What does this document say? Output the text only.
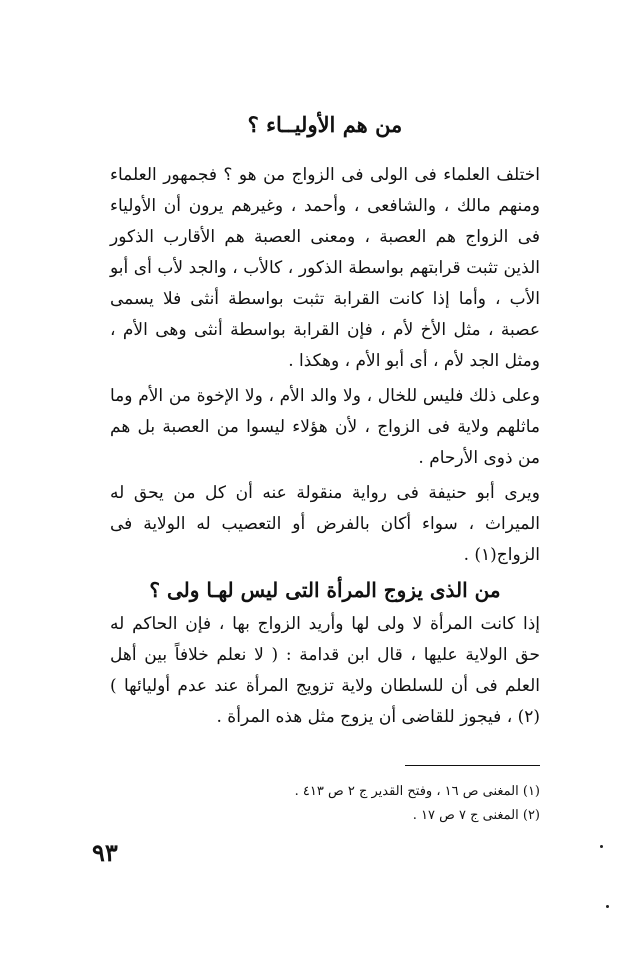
من هم الأوليــاء ؟

اختلف العلماء فى الولى فى الزواج من هو ؟ فجمهور العلماء ومنهم مالك ، والشافعى ، وأحمد ، وغيرهم يرون أن الأولياء فى الزواج هم العصبة ، ومعنى العصبة هم الأقارب الذكور الذين تثبت قرابتهم بواسطة الذكور ، كالأب ، والجد لأب أى أبو الأب ، وأما إذا كانت القرابة تثبت بواسطة أنثى فلا يسمى عصبة ، مثل الأخ لأم ، فإن القرابة بواسطة أنثى وهى الأم ، ومثل الجد لأم ، أى أبو الأم ، وهكذا .

وعلى ذلك فليس للخال ، ولا والد الأم ، ولا الإخوة من الأم وما ماثلهم ولاية فى الزواج ، لأن هؤلاء ليسوا من العصبة بل هم من ذوى الأرحام .

ويرى أبو حنيفة فى رواية منقولة عنه أن كل من يحق له الميراث ، سواء أكان بالفرض أو التعصيب له الولاية فى الزواج(١) .

من الذى يزوج المرأة التى ليس لهـا ولى ؟

إذا كانت المرأة لا ولى لها وأريد الزواج بها ، فإن الحاكم له حق الولاية عليها ، قال ابن قدامة : ( لا نعلم خلافاً بين أهل العلم فى أن للسلطان ولاية تزويج المرأة عند عدم أوليائها )(٢) ، فيجوز للقاضى أن يزوج مثل هذه المرأة .

(١) المغنى ص ١٦ ، وفتح القدير ج ٢ ص ٤١٣ .

(٢) المغنى ج ٧ ص ١٧ .

٩٣
